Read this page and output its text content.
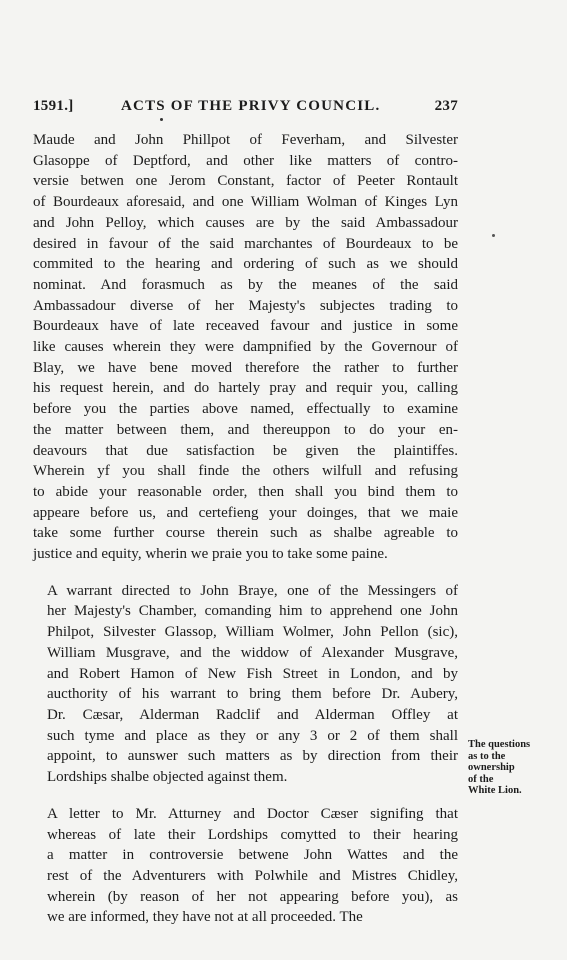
1591.]	ACTS OF THE PRIVY COUNCIL.	237
Maude and John Phillpot of Feverham, and Silvester
Glasoppe of Deptford, and other like matters of contro-
versie betwen one Jerom Constant, factor of Peeter Rontault
of Bourdeaux aforesaid, and one William Wolman of Kinges Lyn
and John Pelloy, which causes are by the said Ambassadour
desired in favour of the said marchantes of Bourdeaux to be
commited to the hearing and ordering of such as we should
nominat. And forasmuch as by the meanes of the said
Ambassadour diverse of her Majesty's subjectes trading to
Bourdeaux have of late receaved favour and justice in some
like causes wherein they were dampnified by the Governour of
Blay, we have bene moved therefore the rather to further
his request herein, and do hartely pray and requir you, calling
before you the parties above named, effectually to examine
the matter between them, and thereuppon to do your en-
deavours that due satisfaction be given the plaintiffes.
Wherein yf you shall finde the others wilfull and refusing
to abide your reasonable order, then shall you bind them to
appeare before us, and certefieng your doinges, that we maie
take some further course therein such as shalbe agreable to
justice and equity, wherin we praie you to take some paine.
A warrant directed to John Braye, one of the Messingers of
her Majesty's Chamber, comanding him to apprehend one John
Philpot, Silvester Glassop, William Wolmer, John Pellon (sic),
William Musgrave, and the widdow of Alexander Musgrave,
and Robert Hamon of New Fish Street in London, and by
aucthority of his warrant to bring them before Dr. Aubery,
Dr. Cæsar, Alderman Radclif and Alderman Offley at
such tyme and place as they or any 3 or 2 of them shall
appoint, to aunswer such matters as by direction from their
Lordships shalbe objected against them.
A letter to Mr. Atturney and Doctor Cæser signifing that
whereas of late their Lordships comytted to their hearing
a matter in controversie betwene John Wattes and the
rest of the Adventurers with Polwhile and Mistres Chidley,
wherein (by reason of her not appearing before you), as
we are informed, they have not at all proceeded. The
The questions
as to the
ownership
of the
White Lion.
